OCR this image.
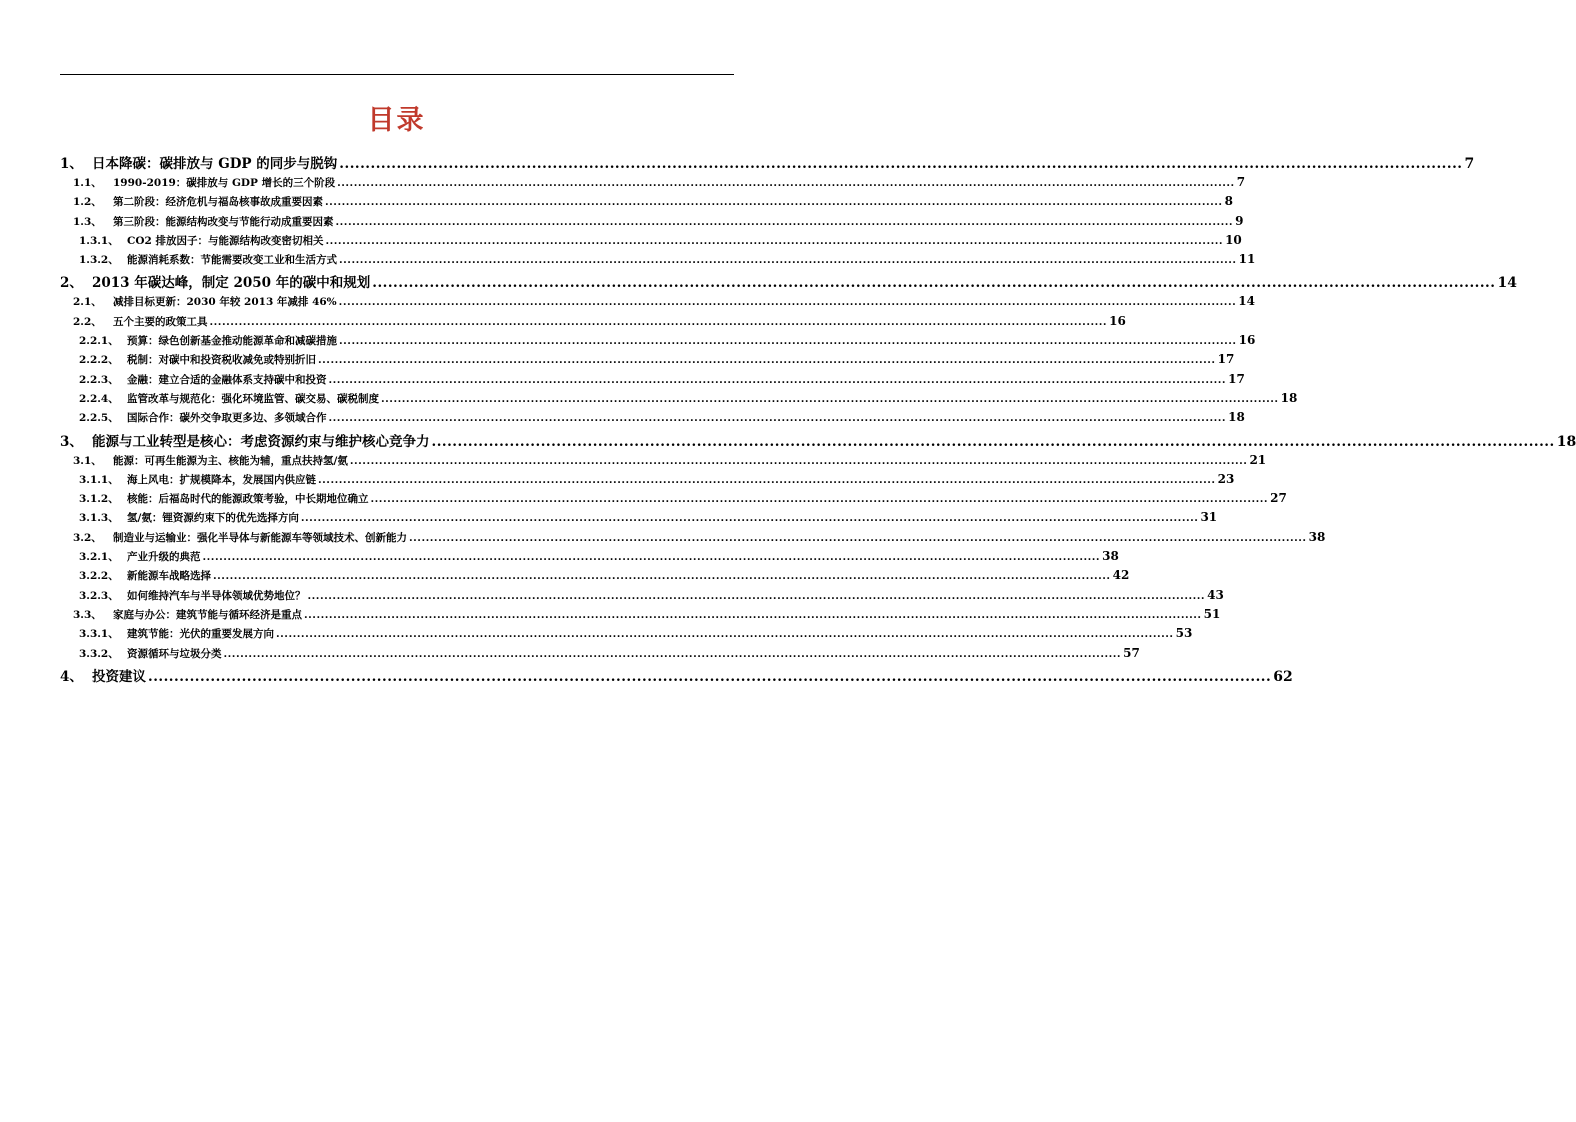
目录
1、 日本降碳：碳排放与 GDP 的同步与脱钩 .....	7
1.1、	1990-2019：碳排放与 GDP 增长的三个阶段 .....	7
1.2、	第二阶段：经济危机与福岛核事故成重要因素 .....	8
1.3、	第三阶段：能源结构改变与节能行动成重要因素 .....	9
1.3.1、 CO2 排放因子：与能源结构改变密切相关 .....	10
1.3.2、 能源消耗系数：节能需要改变工业和生活方式 .....	11
2、 2013 年碳达峰，制定 2050 年的碳中和规划 .....	14
2.1、	减排目标更新：2030 年较 2013 年减排 46% .....	14
2.2、	五个主要的政策工具 .....	16
2.2.1、 预算：绿色创新基金推动能源革命和减碳措施 .....	16
2.2.2、 税制：对碳中和投资税收减免或特别折旧 .....	17
2.2.3、 金融：建立合适的金融体系支持碳中和投资 .....	17
2.2.4、 监管改革与规范化：强化环境监管、碳交易、碳税制度 .....	18
2.2.5、 国际合作：碳外交争取更多边、多领域合作 .....	18
3、 能源与工业转型是核心：考虑资源约束与维护核心竞争力 .....	18
3.1、	能源：可再生能源为主、核能为辅，重点扶持氢/氨 .....	21
3.1.1、 海上风电：扩规模降本，发展国内供应链 .....	23
3.1.2、 核能：后福岛时代的能源政策考验，中长期地位确立 .....	27
3.1.3、 氢/氨：锂资源约束下的优先选择方向 .....	31
3.2、	制造业与运输业：强化半导体与新能源车等领域技术、创新能力 .....	38
3.2.1、 产业升级的典范 .....	38
3.2.2、 新能源车战略选择 .....	42
3.2.3、 如何维持汽车与半导体领域优势地位？ .....	43
3.3、	家庭与办公：建筑节能与循环经济是重点 .....	51
3.3.1、 建筑节能：光伏的重要发展方向 .....	53
3.3.2、 资源循环与垃圾分类 .....	57
4、 投资建议 .....	62
